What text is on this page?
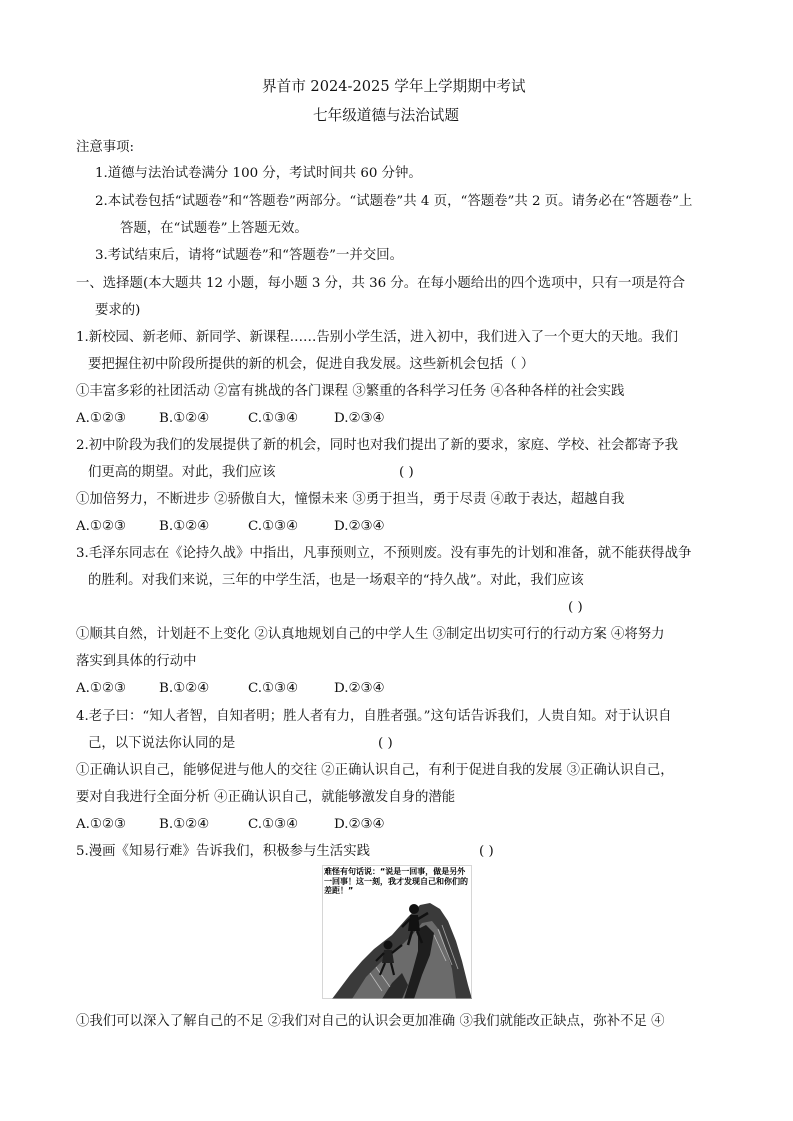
界首市 2024-2025 学年上学期期中考试
七年级道德与法治试题
注意事项:
1.道德与法治试卷满分 100 分，考试时间共 60 分钟。
2.本试卷包括“试题卷”和“答题卷”两部分。“试题卷”共 4 页，“答题卷”共 2 页。请务必在“答题卷”上
答题，在“试题卷”上答题无效。
3.考试结束后，请将“试题卷”和“答题卷”一并交回。
一、选择题(本大题共 12 小题，每小题 3 分，共 36 分。在每小题给出的四个选项中，只有一项是符合
要求的)
1.新校园、新老师、新同学、新课程……告别小学生活，进入初中，我们进入了一个更大的天地。我们
要把握住初中阶段所提供的新的机会，促进自我发展。这些新机会包括（ ）
①丰富多彩的社团活动 ②富有挑战的各门课程 ③繁重的各科学习任务 ④各种各样的社会实践
A.①②③ B.①②④	C.①③④	D.②③④
2.初中阶段为我们的发展提供了新的机会，同时也对我们提出了新的要求，家庭、学校、社会都寄予我
们更高的期望。对此，我们应该	( )
①加倍努力，不断进步 ②骄傲自大，憧憬未来 ③勇于担当，勇于尽责 ④敢于表达，超越自我
A.①②③ B.①②④	C.①③④	D.②③④
3.毛泽东同志在《论持久战》中指出，凡事预则立，不预则废。没有事先的计划和准备，就不能获得战争
的胜利。对我们来说，三年的中学生活，也是一场艰辛的“持久战”。对此，我们应该
( )
①顺其自然，计划赶不上变化 ②认真地规划自己的中学人生 ③制定出切实可行的行动方案 ④将努力
落实到具体的行动中
A.①②③ B.①②④	C.①③④	D.②③④
4.老子曰：“知人者智，自知者明；胜人者有力，自胜者强。”这句话告诉我们，人贵自知。对于认识自
己，以下说法你认同的是	( )
①正确认识自己，能够促进与他人的交往 ②正确认识自己，有利于促进自我的发展 ③正确认识自己，
要对自我进行全面分析 ④正确认识自己，就能够激发自身的潜能
A.①②③ B.①②④	C.①③④	D.②③④
5.漫画《知易行难》告诉我们，积极参与生活实践	( )
难怪有句话说：“说是一回事，做是另外一回事！这一刻，我才发现自己和你们的差距！”
①我们可以深入了解自己的不足 ②我们对自己的认识会更加准确 ③我们就能改正缺点，弥补不足 ④
